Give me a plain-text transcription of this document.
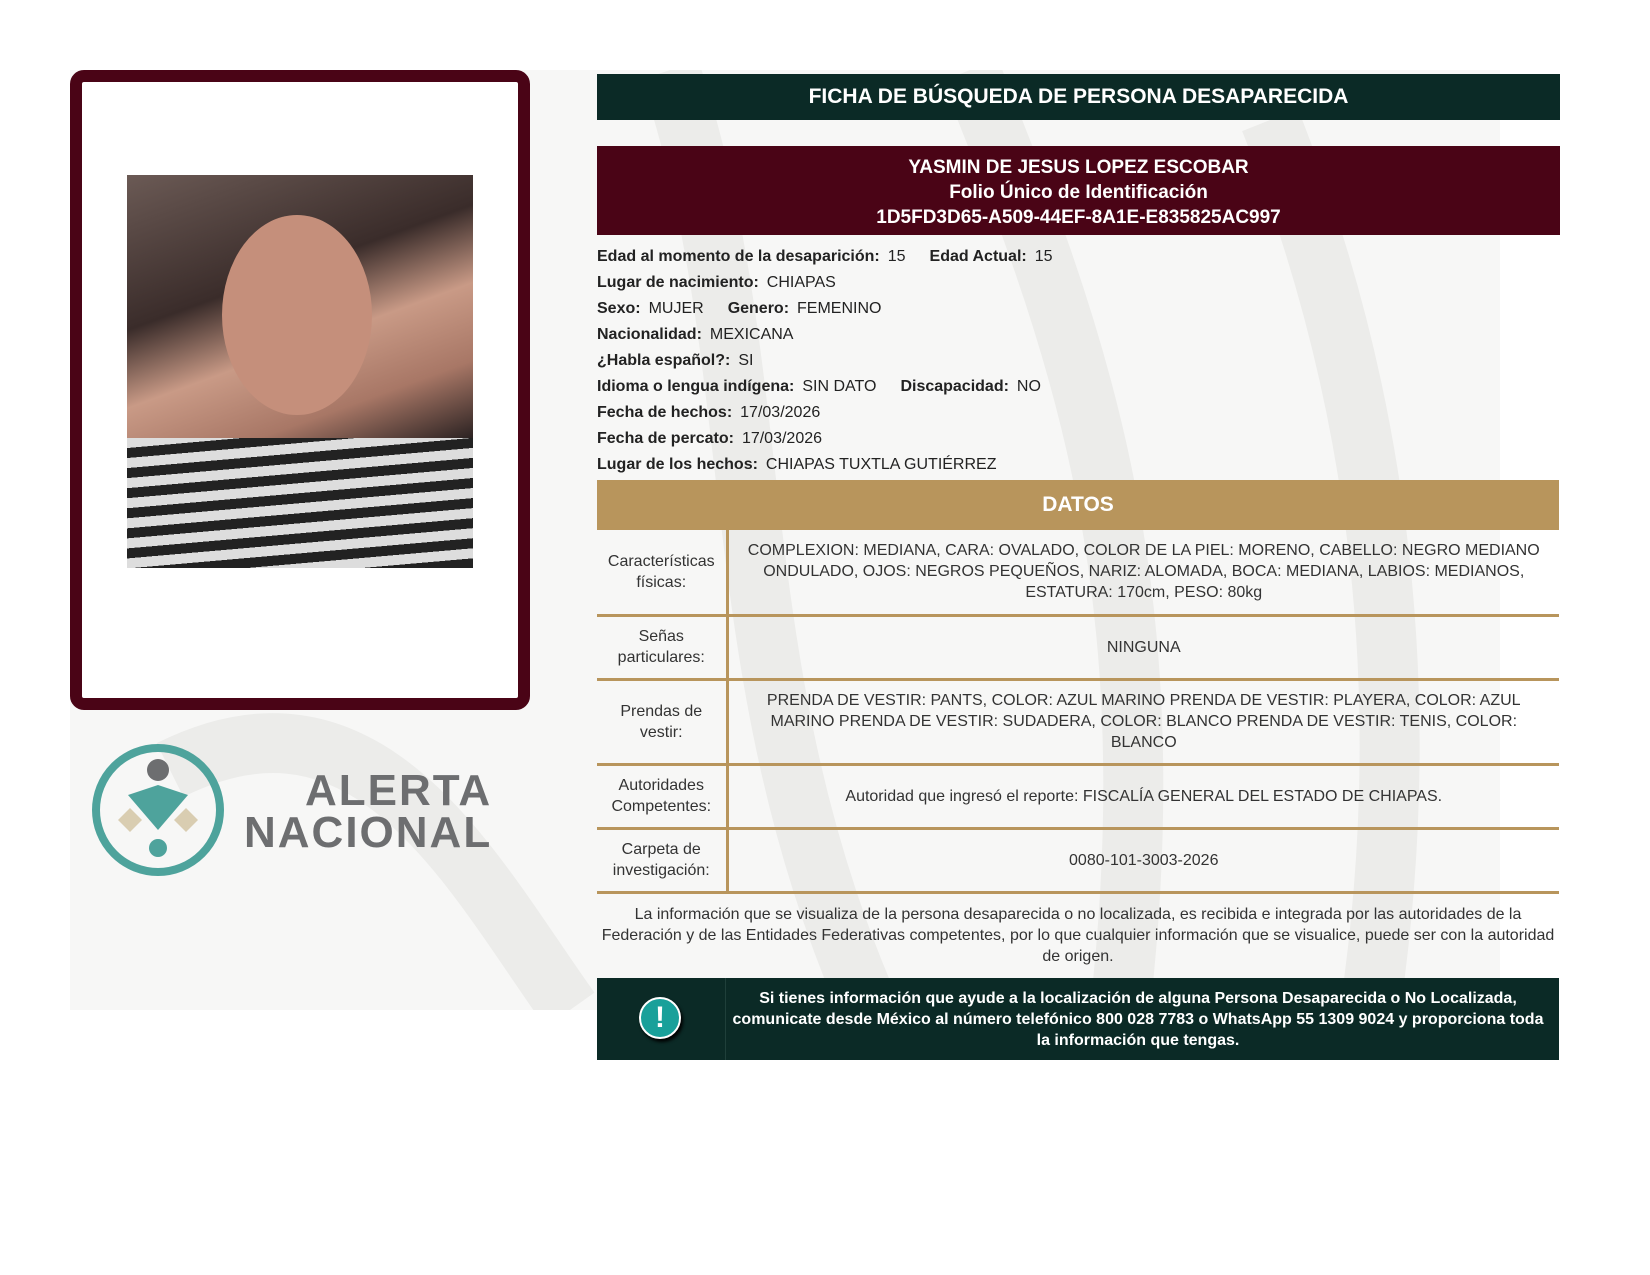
ALERTA
NACIONAL
FICHA DE BÚSQUEDA DE PERSONA DESAPARECIDA
YASMIN DE JESUS LOPEZ ESCOBAR
Folio Único de Identificación
1D5FD3D65-A509-44EF-8A1E-E835825AC997
Edad al momento de la desaparición: 15 Edad Actual: 15
Lugar de nacimiento: CHIAPAS
Sexo: MUJER Genero: FEMENINO
Nacionalidad: MEXICANA
¿Habla español?: SI
Idioma o lengua indígena: SIN DATO Discapacidad: NO
Fecha de hechos: 17/03/2026
Fecha de percato: 17/03/2026
Lugar de los hechos: CHIAPAS TUXTLA GUTIÉRREZ
DATOS
Características físicas:	COMPLEXION: MEDIANA, CARA: OVALADO, COLOR DE LA PIEL: MORENO, CABELLO: NEGRO MEDIANO ONDULADO, OJOS: NEGROS PEQUEÑOS, NARIZ: ALOMADA, BOCA: MEDIANA, LABIOS: MEDIANOS, ESTATURA: 170cm, PESO: 80kg
Señas particulares:	NINGUNA
Prendas de vestir:	PRENDA DE VESTIR: PANTS, COLOR: AZUL MARINO PRENDA DE VESTIR: PLAYERA, COLOR: AZUL MARINO PRENDA DE VESTIR: SUDADERA, COLOR: BLANCO PRENDA DE VESTIR: TENIS, COLOR: BLANCO
Autoridades Competentes:	Autoridad que ingresó el reporte: FISCALÍA GENERAL DEL ESTADO DE CHIAPAS.
Carpeta de investigación:	0080-101-3003-2026
La información que se visualiza de la persona desaparecida o no localizada, es recibida e integrada por las autoridades de la Federación y de las Entidades Federativas competentes, por lo que cualquier información que se visualice, puede ser con la autoridad de origen.
!
Si tienes información que ayude a la localización de alguna Persona Desaparecida o No Localizada, comunicate desde México al número telefónico 800 028 7783 o WhatsApp 55 1309 9024 y proporciona toda la información que tengas.
